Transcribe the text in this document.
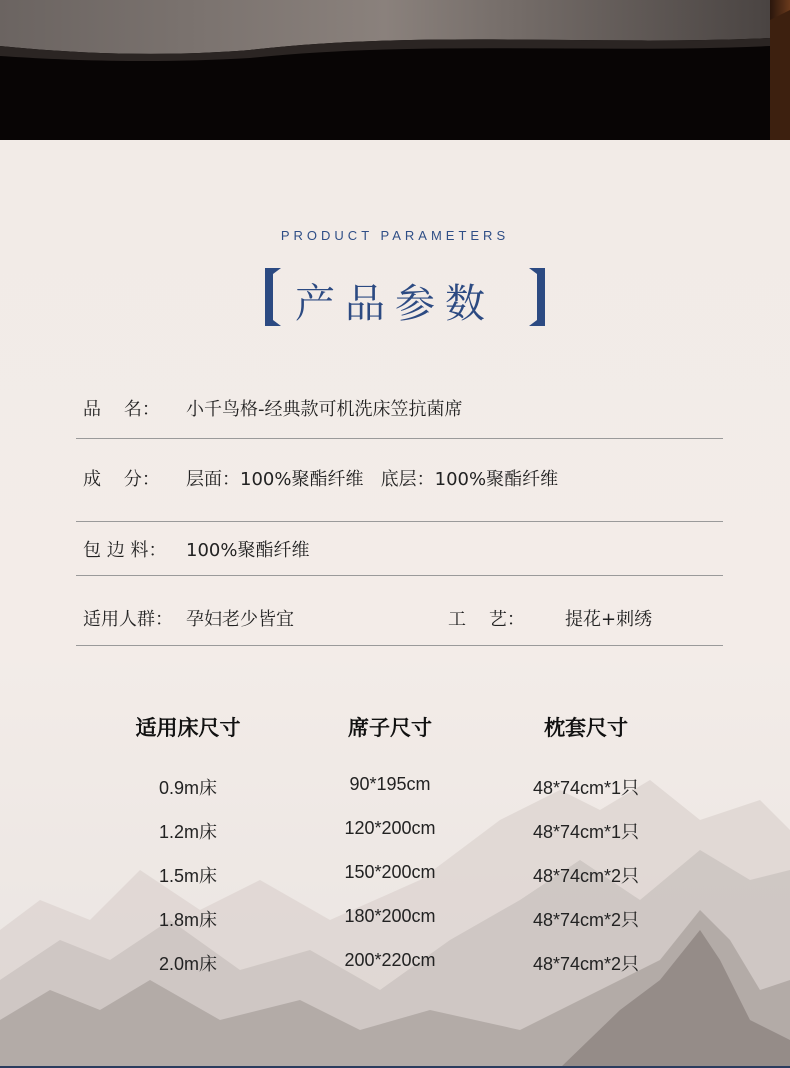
PRODUCT PARAMETERS
产品参数
品    名： 小千鸟格-经典款可机洗床笠抗菌席
成    分： 层面：100%聚酯纤维   底层：100%聚酯纤维
包 边 料： 100%聚酯纤维
适用人群： 孕妇老少皆宜	工    艺： 提花+刺绣
适用床尺寸	席子尺寸	枕套尺寸
0.9m床	90*195cm	48*74cm*1只
1.2m床	120*200cm	48*74cm*1只
1.5m床	150*200cm	48*74cm*2只
1.8m床	180*200cm	48*74cm*2只
2.0m床	200*220cm	48*74cm*2只
